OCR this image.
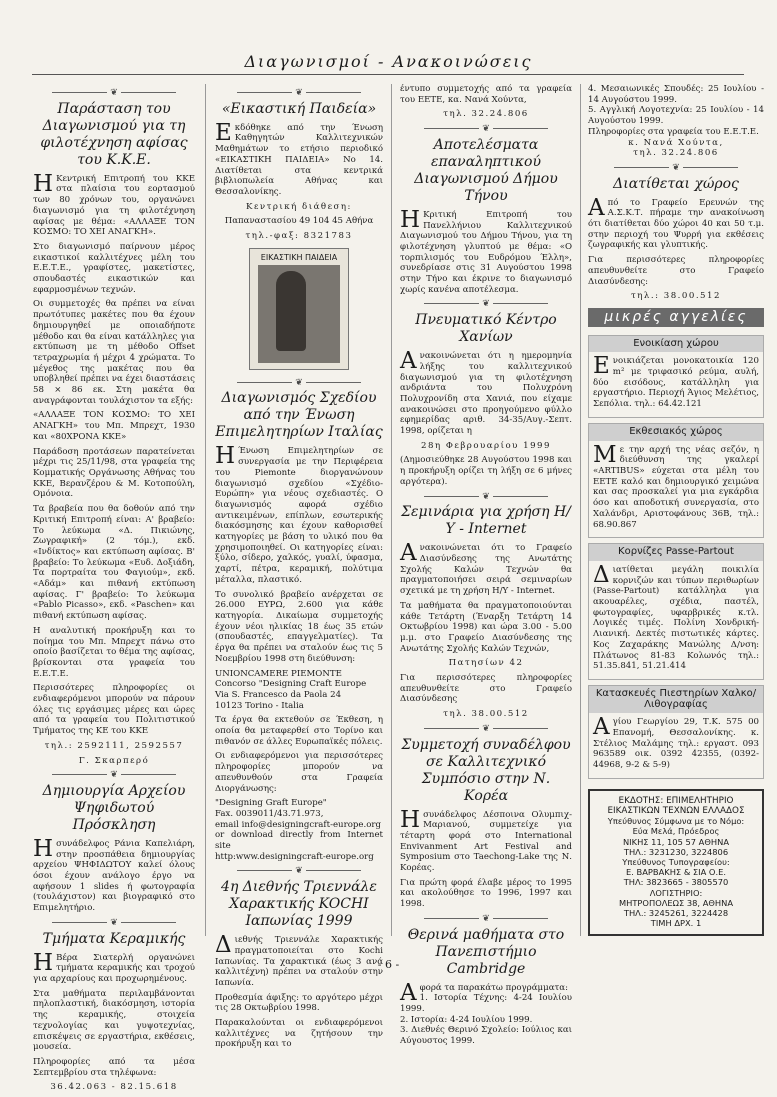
Διαγωνισμοί - Ανακοινώσεις
❦
Παράσταση του Διαγωνισμού για τη φιλοτέχνηση αφίσας του Κ.Κ.Ε.

ΗΚεντρική Επιτροπή του ΚΚΕ στα πλαίσια του εορτασμού των 80 χρόνων του, οργανώνει διαγωνισμό για τη φιλοτέχνηση αφίσας με θέμα: «ΑΛΛΑΞΕ ΤΟΝ ΚΟΣΜΟ: ΤΟ ΧΕΙ ΑΝΑΓΚΗ».

Στο διαγωνισμό παίρνουν μέρος εικαστικοί καλλιτέχνες μέλη του Ε.Ε.Τ.Ε., γραφίστες, μακετίστες, σπουδαστές εικαστικών και εφαρμοσμένων τεχνών.

Οι συμμετοχές θα πρέπει να είναι πρωτότυπες μακέτες που θα έχουν δημιουργηθεί με οποιαδήποτε μέθοδο και θα είναι κατάλληλες για εκτύπωση με τη μέθοδο Offset τετραχρωμία ή μέχρι 4 χρώματα. Το μέγεθος της μακέτας που θα υποβληθεί πρέπει να έχει διαστάσεις 58 × 86 εκ. Στη μακέτα θα αναγράφονται τουλάχιστον τα εξής:

«ΑΛΛΑΞΕ ΤΟΝ ΚΟΣΜΟ: ΤΟ ΧΕΙ ΑΝΑΓΚΗ» του Μπ. Μπρεχτ, 1930 και «80ΧΡΟΝΑ ΚΚΕ»

Παράδοση προτάσεων παρατείνεται μέχρι τις 25/11/98, στα γραφεία της Κομματικής Οργάνωσης Αθήνας του ΚΚΕ, Βερανζέρου & Μ. Κοτοπούλη, Ομόνοια.

Τα βραβεία που θα δοθούν από την Κριτική Επιτροπή είναι: Α' βραβείο: Το λεύκωμα «Δ. Πικιώνης, Ζωγραφική» (2 τόμ.), εκδ. «Ινδίκτος» και εκτύπωση αφίσας. Β' βραβείο: Το λεύκωμα «Ευδ. Δοξιάδη, Τα πορτραίτα του Φαγιούμ», εκδ. «Αδάμ» και πιθανή εκτύπωση αφίσας. Γ' βραβείο: Το λεύκωμα «Pablo Picasso», εκδ. «Paschen» και πιθανή εκτύπωση αφίσας.

Η αναλυτική προκήρυξη και το ποίημα του Μπ. Μπρεχτ πάνω στο οποίο βασίζεται το θέμα της αφίσας, βρίσκονται στα γραφεία του Ε.Ε.Τ.Ε.

Περισσότερες πληροφορίες οι ενδιαφερόμενοι μπορούν να πάρουν όλες τις εργάσιμες μέρες και ώρες από τα γραφεία του Πολιτιστικού Τμήματος της ΚΕ του ΚΚΕ

τηλ.: 2592111, 2592557

Γ. Σκαρπερό

❦
Δημιουργία Αρχείου Ψηφιδωτού Πρόσκληση

Ησυνάδελφος Ράνια Καπελιάρη, στην προσπάθεια δημιουργίας αρχείου ΨΗΦΙΔΩΤΟΥ καλεί όλους όσοι έχουν ανάλογο έργο να αφήσουν 1 slides ή φωτογραφία (τουλάχιστον) και βιογραφικό στο Επιμελητήριο.

❦
Τμήματα Κεραμικής

ΗΒέρα Σιατερλή οργανώνει τμήματα κεραμικής και τροχού για αρχαρίους και προχωρημένους.

Στα μαθήματα περιλαμβάνονται πηλοπλαστική, διακόσμηση, ιστορία της κεραμικής, στοιχεία τεχνολογίας και γυψοτεχνίας, επισκέψεις σε εργαστήρια, εκθέσεις, μουσεία.

Πληροφορίες από τα μέσα Σεπτεμβρίου στα τηλέφωνα:

36.42.063 - 82.15.618

❦
«Εικαστική Παιδεία»

Εκδόθηκε από την Ένωση Καθηγητών Καλλιτεχνικών Μαθημάτων το ετήσιο περιοδικό «ΕΙΚΑΣΤΙΚΗ ΠΑΙΔΕΙΑ» Νο 14. Διατίθεται στα κεντρικά βιβλιοπωλεία Αθήνας και Θεσσαλονίκης.

Κεντρική διάθεση:

Παπαναστασίου 49 104 45 Αθήνα

τηλ.-φαξ: 8321783

ΕΙΚΑΣΤΙΚΗ ΠΑΙΔΕΙΑ
❦
Διαγωνισμός Σχεδίου από την Ένωση Επιμελητηρίων Ιταλίας

ΗΈνωση Επιμελητηρίων σε συνεργασία με την Περιφέρεια του Piemonte διοργανώνουν διαγωνισμό σχεδίου «Σχέδιο-Ευρώπη» για νέους σχεδιαστές. Ο διαγωνισμός αφορά σχέδιο αντικειμένων, επίπλων, εσωτερικής διακόσμησης και έχουν καθορισθεί κατηγορίες με βάση το υλικό που θα χρησιμοποιηθεί. Οι κατηγορίες είναι: ξύλο, σίδερο, χαλκός, γυαλί, ύφασμα, χαρτί, πέτρα, κεραμική, πολύτιμα μέταλλα, πλαστικό.

Το συνολικό βραβείο ανέρχεται σε 26.000 ΕΥΡΩ, 2.600 για κάθε κατηγορία. Δικαίωμα συμμετοχής έχουν νέοι ηλικίας 18 έως 35 ετών (σπουδαστές, επαγγελματίες). Τα έργα θα πρέπει να σταλούν έως τις 5 Νοεμβρίου 1998 στη διεύθυνση:

UNIONCAMERE PIEMONTE

Concorso "Designing Craft Europe

Via S. Francesco da Paola 24

10123 Torino - Italia

Τα έργα θα εκτεθούν σε Έκθεση, η οποία θα μεταφερθεί στο Τορίνο και πιθανόν σε άλλες Ευρωπαϊκές πόλεις.

Οι ενδιαφερόμενοι για περισσότερες πληροφορίες μπορούν να απευθυνθούν στα Γραφεία Διοργάνωσης:

"Designing Graft Europe"

Fax. 0039011/43.71.973,

email info@designingcraft-europe.org

or download directly from Internet site

http:www.designingcraft-europe.org

❦
4η Διεθνής Τριεννάλε Χαρακτικής KOCHI Ιαπωνίας 1999

Διεθνής Τριεννάλε Χαρακτικής πραγματοποιείται στο Kochi Ιαπωνίας. Τα χαρακτικά (έως 3 ανά καλλιτέχνη) πρέπει να σταλούν στην Ιαπωνία.

Προθεσμία άφιξης: το αργότερο μέχρι τις 28 Οκτωβρίου 1998.

Παρακαλούνται οι ενδιαφερόμενοι καλλιτέχνες να ζητήσουν την προκήρυξη και το

έντυπο συμμετοχής από τα γραφεία του ΕΕΤΕ, κα. Νανά Χούντα,

τηλ. 32.24.806

❦
Αποτελέσματα επαναληπτικού Διαγωνισμού Δήμου Τήνου

ΗΚριτική Επιτροπή του Πανελλήνιου Καλλιτεχνικού Διαγωνισμού του Δήμου Τήνου, για τη φιλοτέχνηση γλυπτού με θέμα: «Ο τορπιλισμός του Ευδρόμου Έλλη», συνεδρίασε στις 31 Αυγούστου 1998 στην Τήνο και έκρινε το διαγωνισμό χωρίς κανένα αποτέλεσμα.

❦
Πνευματικό Κέντρο Χανίων

Ανακοινώνεται ότι η ημερομηνία λήξης του καλλιτεχνικού διαγωνισμού για τη φιλοτέχνηση ανδριάντα του Πολυχρόνη Πολυχρονίδη στα Χανιά, που είχαμε ανακοινώσει στο προηγούμενο φύλλο εφημερίδας αριθ. 34-35/Αυγ.-Σεπτ. 1998, ορίζεται η

28η Φεβρουαρίου 1999

(Δημοσιεύθηκε 28 Αυγούστου 1998 και η προκήρυξη ορίζει τη λήξη σε 6 μήνες αργότερα).

❦
Σεμινάρια για χρήση Η/Υ - Internet

Ανακοινώνεται ότι το Γραφείο Διασύνδεσης της Ανωτάτης Σχολής Καλών Τεχνών θα πραγματοποιήσει σειρά σεμιναρίων σχετικά με τη χρήση Η/Υ - Internet.

Τα μαθήματα θα πραγματοποιούνται κάθε Τετάρτη (Έναρξη Τετάρτη 14 Οκτωβρίου 1998) και ώρα 3.00 - 5.00 μ.μ. στο Γραφείο Διασύνδεσης της Ανωτάτης Σχολής Καλών Τεχνών,

Πατησίων 42

Για περισσότερες πληροφορίες απευθυνθείτε στο Γραφείο Διασύνδεσης

τηλ. 38.00.512

❦
Συμμετοχή συναδέλφου σε Καλλιτεχνικό Συμπόσιο στην Ν. Κορέα

Ησυνάδελφος Δέσποινα Ολυμπιχ-Μαριανού, συμμετείχε για τέταρτη φορά στο International Envivanment Art Festival and Symposium στο Taechong-Lake της Ν. Κορέας.

Για πρώτη φορά έλαβε μέρος το 1995 και ακολούθησε το 1996, 1997 και 1998.

❦
Θερινά μαθήματα στο Πανεπιστήμιο Cambridge

Αφορά τα παρακάτω προγράμματα:

1. Ιστορία Τέχνης: 4-24 Ιουλίου 1999.

2. Ιστορία: 4-24 Ιουλίου 1999.

3. Διεθνές Θερινό Σχολείο: Ιούλιος και Αύγουστος 1999.

4. Μεσαιωνικές Σπουδές: 25 Ιουλίου - 14 Αυγούστου 1999.

5. Αγγλική Λογοτεχνία: 25 Ιουλίου - 14 Αυγούστου 1999.

Πληροφορίες στα γραφεία του Ε.Ε.Τ.Ε.

κ. Νανά Χούντα,

τηλ. 32.24.806

❦
Διατίθεται χώρος

Από το Γραφείο Ερευνών της Α.Σ.Κ.Τ. πήραμε την ανακοίνωση ότι διατίθεται δύο χώροι 40 και 50 τ.μ. στην περιοχή του Ψυρρή για εκθέσεις ζωγραφικής και γλυπτικής.

Για περισσότερες πληροφορίες απευθυνθείτε στο Γραφείο Διασύνδεσης:

τηλ.: 38.00.512

μικρές αγγελίες
Ενοικίαση χώρου

Ενοικιάζεται μονοκατοικία 120 m² με τριφασικό ρεύμα, αυλή, δύο εισόδους, κατάλληλη για εργαστήριο. Περιοχή Άγιος Μελέτιος, Σεπόλια. τηλ.: 64.42.121

Εκθεσιακός χώρος

Με την αρχή της νέας σεζόν, η διεύθυνση της γκαλερί «ARTIBUS» εύχεται στα μέλη του ΕΕΤΕ καλό και δημιουργικό χειμώνα και σας προσκαλεί για μια εγκάρδια όσο και αποδοτική συνεργασία, στο Χαλάνδρι, Αριστοφάνους 36Β, τηλ.: 68.90.867

Κορνίζες Passe-Partout

Διατίθεται μεγάλη ποικιλία κορνιζών και τύπων περιθωρίων (Passe-Partout) κατάλληλα για ακουαρέλες, σχέδια, παστέλ, φωτογραφίες, υφαρβρικές κ.τλ. Λογικές τιμές. Πολίνη Χονδρική-Λιανική. Δεκτές πιστωτικές κάρτες. Κος Ζαχαράκης Μανώλης Δ/νση: Πλάτωνος 81-83 Κολωνός τηλ.: 51.35.841, 51.21.414

Κατασκευές Πιεστηρίων Χαλκο/Λιθογραφίας

Αγίου Γεωργίου 29, Τ.Κ. 575 00 Επανομή, Θεσσαλονίκης. κ. Στέλιος Μαλάμης τηλ.: εργαστ. 093 963589 οικ. 0392 42355, (0392-44968, 9-2 & 5-9)

ΕΚΔΟΤΗΣ: ΕΠΙΜΕΛΗΤΗΡΙΟ ΕΙΚΑΣΤΙΚΩΝ ΤΕΧΝΩΝ ΕΛΛΑΔΟΣ
Υπεύθυνος Σύμφωνα με το Νόμο:
Εύα Μελά, Πρόεδρος
ΝΙΚΗΣ 11, 105 57 ΑΘΗΝΑ
ΤΗΛ.: 3231230, 3224806
Υπεύθυνος Τυπογραφείου:
Ε. ΒΑΡΒΑΚΗΣ & ΣΙΑ Ο.Ε.
ΤΗΛ: 3823665 - 3805570
ΛΟΓΙΣΤΗΡΙΟ:
ΜΗΤΡΟΠΟΛΕΩΣ 38, ΑΘΗΝΑ
ΤΗΛ.: 3245261, 3224428
ΤΙΜΗ ΔΡΧ. 1
- 6 -
